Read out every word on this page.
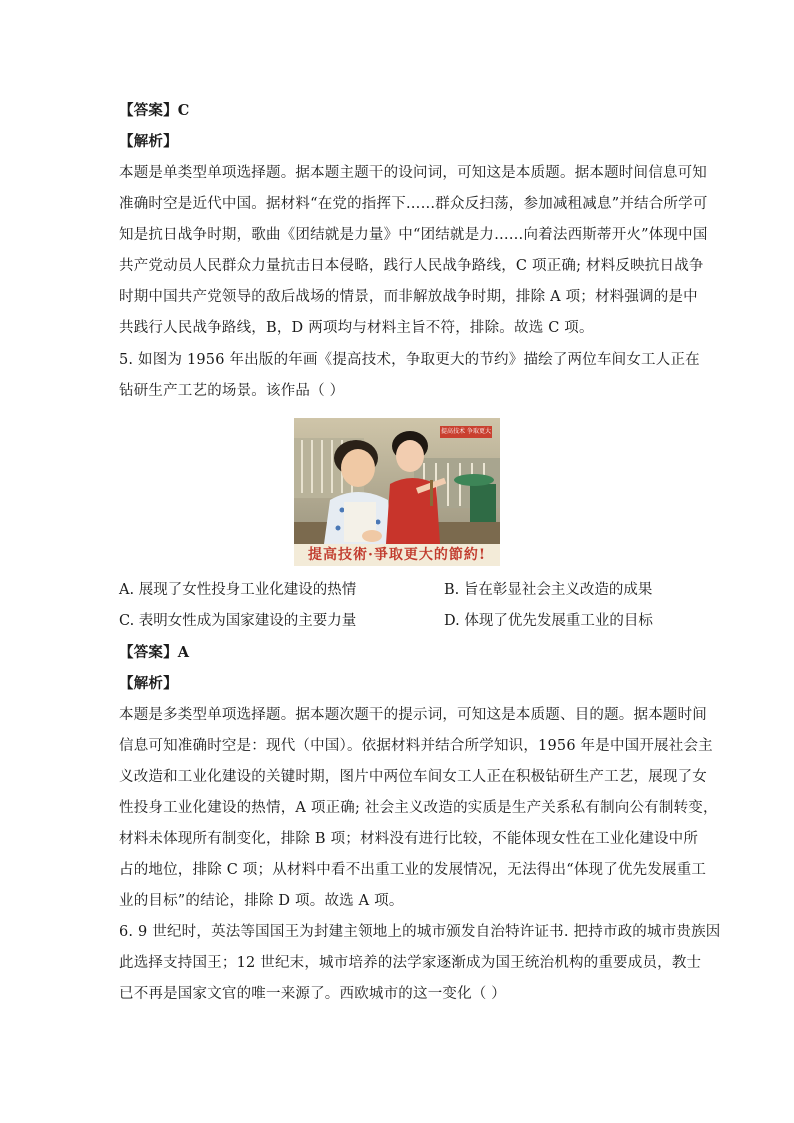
【答案】C
【解析】
本题是单类型单项选择题。据本题主题干的设问词，可知这是本质题。据本题时间信息可知
准确时空是近代中国。据材料“在党的指挥下……群众反扫荡，参加减租减息”并结合所学可
知是抗日战争时期，歌曲《团结就是力量》中“团结就是力……向着法西斯蒂开火”体现中国
共产党动员人民群众力量抗击日本侵略，践行人民战争路线，C 项正确; 材料反映抗日战争
时期中国共产党领导的敌后战场的情景，而非解放战争时期，排除 A 项；材料强调的是中
共践行人民战争路线，B，D 两项均与材料主旨不符，排除。故选 C 项。
5. 如图为 1956 年出版的年画《提高技术，争取更大的节约》描绘了两位车间女工人正在
钻研生产工艺的场景。该作品（ ）
提高技术 争取更大
提高技術·爭取更大的節約!
A. 展现了女性投身工业化建设的热情	B. 旨在彰显社会主义改造的成果
C. 表明女性成为国家建设的主要力量	D. 体现了优先发展重工业的目标
【答案】A
【解析】
本题是多类型单项选择题。据本题次题干的提示词，可知这是本质题、目的题。据本题时间
信息可知准确时空是：现代（中国）。依据材料并结合所学知识，1956 年是中国开展社会主
义改造和工业化建设的关键时期，图片中两位车间女工人正在积极钻研生产工艺，展现了女
性投身工业化建设的热情，A 项正确; 社会主义改造的实质是生产关系私有制向公有制转变，
材料未体现所有制变化，排除 B 项；材料没有进行比较，不能体现女性在工业化建设中所
占的地位，排除 C 项；从材料中看不出重工业的发展情况，无法得出“体现了优先发展重工
业的目标”的结论，排除 D 项。故选 A 项。
6. 9 世纪时，英法等国国王为封建主领地上的城市颁发自治特许证书. 把持市政的城市贵族因
此选择支持国王；12 世纪末，城市培养的法学家逐渐成为国王统治机构的重要成员，教士
已不再是国家文官的唯一来源了。西欧城市的这一变化（ ）
